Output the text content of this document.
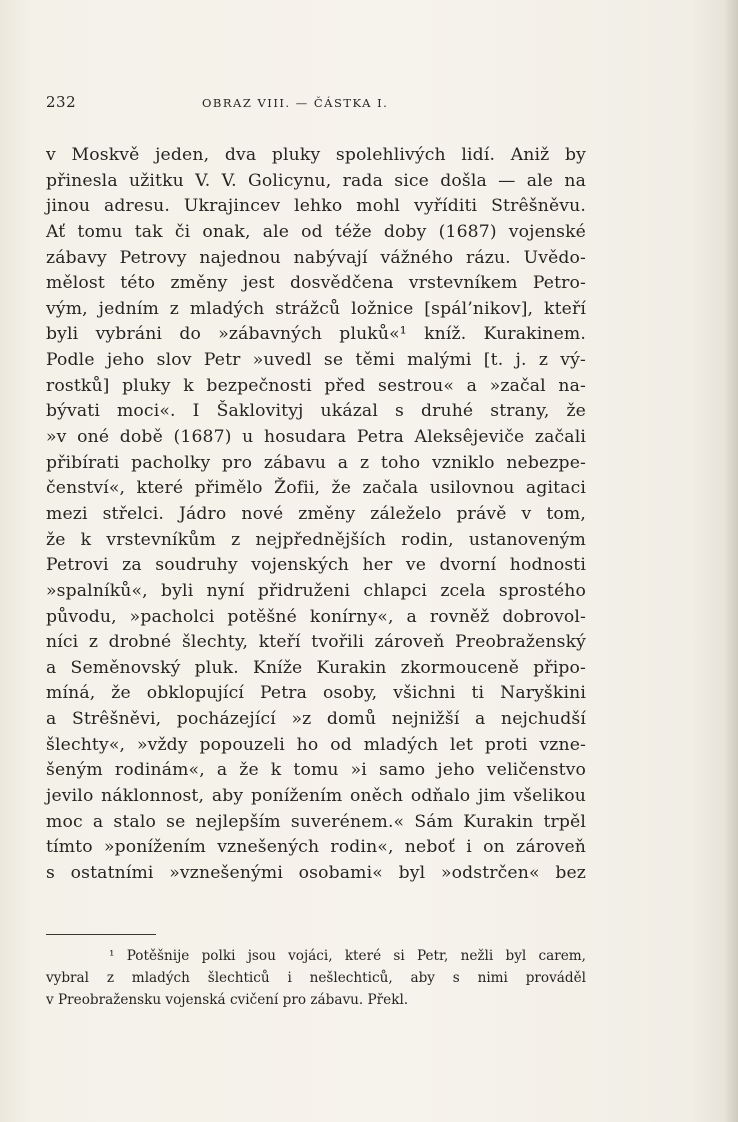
232	OBRAZ VIII. — ČÁSTKA I.
v Moskvě jeden, dva pluky spolehlivých lidí. Aniž by
přinesla užitku V. V. Golicynu, rada sice došla — ale na
jinou adresu. Ukrajincev lehko mohl vyříditi Strêšněvu.
Ať tomu tak či onak, ale od téže doby (1687) vojenské
zábavy Petrovy najednou nabývají vážného rázu. Uvědo-
mělost této změny jest dosvědčena vrstevníkem Petro-
vým, jedním z mladých strážců ložnice [spál’nikov], kteří
byli vybráni do »zábavných pluků«¹ kníž. Kurakinem.
Podle jeho slov Petr »uvedl se těmi malými [t. j. z vý-
rostků] pluky k bezpečnosti před sestrou« a »začal na-
bývati moci«. I Šaklovityj ukázal s druhé strany, že
»v oné době (1687) u hosudara Petra Aleksêjeviče začali
přibírati pacholky pro zábavu a z toho vzniklo nebezpe-
čenství«, které přimělo Žofii, že začala usilovnou agitaci
mezi střelci. Jádro nové změny záleželo právě v tom,
že k vrstevníkům z nejpřednějších rodin, ustanoveným
Petrovi za soudruhy vojenských her ve dvorní hodnosti
»spalníků«, byli nyní přidruženi chlapci zcela sprostého
původu, »pacholci potěšné konírny«, a rovněž dobrovol-
níci z drobné šlechty, kteří tvořili zároveň Preobraženský
a Seměnovský pluk. Kníže Kurakin zkormouceně připo-
míná, že obklopující Petra osoby, všichni ti Naryškini
a Strêšněvi, pocházející »z domů nejnižší a nejchudší
šlechty«, »vždy popouzeli ho od mladých let proti vzne-
šeným rodinám«, a že k tomu »i samo jeho veličenstvo
jevilo náklonnost, aby ponížením oněch odňalo jim všelikou
moc a stalo se nejlepším suverénem.« Sám Kurakin trpěl
tímto »ponížením vznešených rodin«, neboť i on zároveň
s ostatními »vznešenými osobami« byl »odstrčen« bez
¹ Potěšnije polki jsou vojáci, které si Petr, nežli byl carem,
vybral z mladých šlechticů i nešlechticů, aby s nimi prováděl
v Preobražensku vojenská cvičení pro zábavu. Překl.
